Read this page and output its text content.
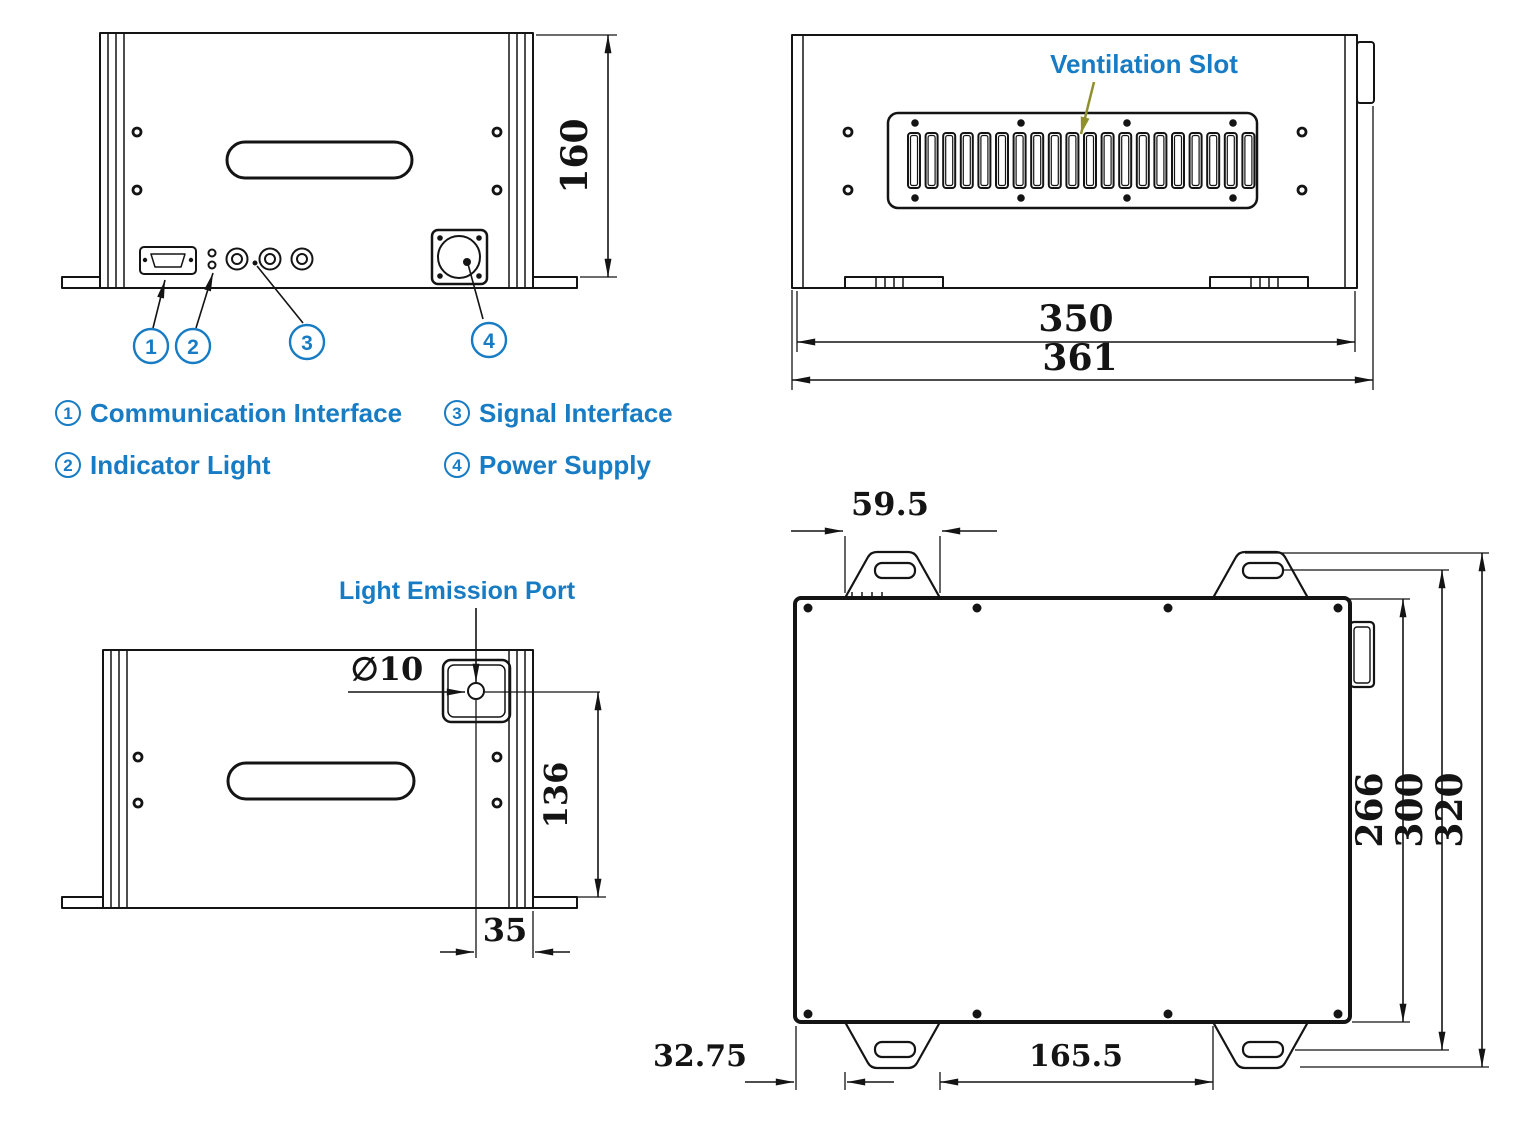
1 2	3	4
160
1 Communication Interface	3 Signal Interface
2 Indicator Light	4 Power Supply
Ventilation Slot
350
361
Light Emission Port
∅10
136
35
59.5
266
300
320
32.75	165.5
